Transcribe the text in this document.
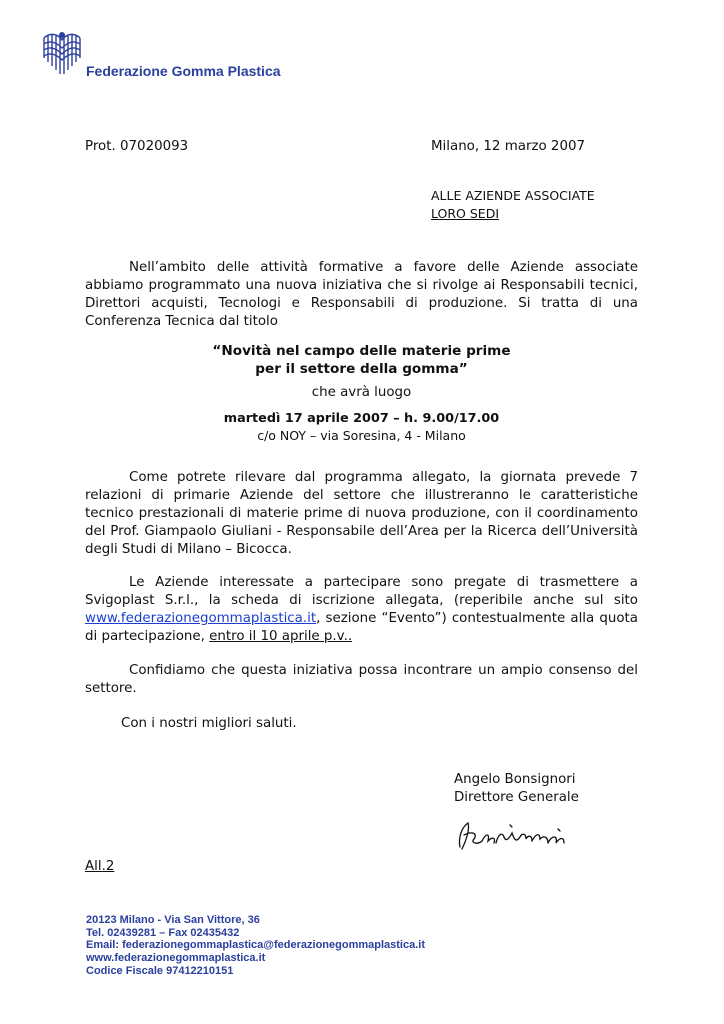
Federazione Gomma Plastica
Prot. 07020093	Milano, 12 marzo 2007
ALLE AZIENDE ASSOCIATE
LORO SEDI
Nell’ambito delle attività formative a favore delle Aziende associate abbiamo programmato una nuova iniziativa che si rivolge ai Responsabili tecnici, Direttori acquisti, Tecnologi e Responsabili di produzione. Si tratta di una Conferenza Tecnica dal titolo
“Novità nel campo delle materie prime
per il settore della gomma”
che avrà luogo
martedì 17 aprile 2007 – h. 9.00/17.00
c/o NOY – via Soresina, 4 - Milano
Come potrete rilevare dal programma allegato, la giornata prevede 7 relazioni di primarie Aziende del settore che illustreranno le caratteristiche tecnico prestazionali di materie prime di nuova produzione, con il coordinamento del Prof. Giampaolo Giuliani - Responsabile dell’Area per la Ricerca dell’Università degli Studi di Milano – Bicocca.
Le Aziende interessate a partecipare sono pregate di trasmettere a Svigoplast S.r.l., la scheda di iscrizione allegata, (reperibile anche sul sito www.federazionegommaplastica.it, sezione “Evento”) contestualmente alla quota di partecipazione, entro il 10 aprile p.v..
Confidiamo che questa iniziativa possa incontrare un ampio consenso del settore.
Con i nostri migliori saluti.
Angelo Bonsignori
Direttore Generale
All.2
20123 Milano - Via San Vittore, 36
Tel. 02439281 – Fax 02435432
Email: federazionegommaplastica@federazionegommaplastica.it
www.federazionegommaplastica.it
Codice Fiscale 97412210151
